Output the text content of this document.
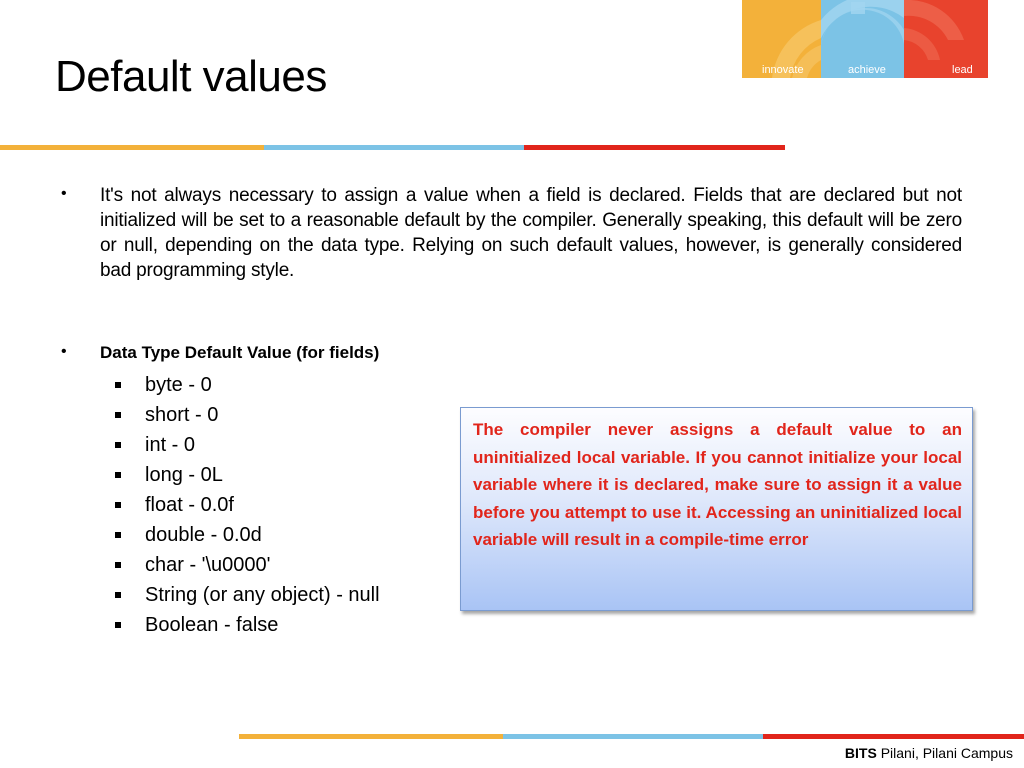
innovate	achieve	lead
Default values
• It's not always necessary to assign a value when a field is declared. Fields that are declared but not initialized will be set to a reasonable default by the compiler. Generally speaking, this default will be zero or null, depending on the data type. Relying on such default values, however, is generally considered bad programming style.

• Data Type Default Value (for fields)

byte - 0
short - 0
int - 0
long - 0L
float - 0.0f
double - 0.0d
char - '\u0000'
String (or any object) - null
Boolean - false

The compiler never assigns a default value to an uninitialized local variable. If you cannot initialize your local variable where it is declared, make sure to assign it a value before you attempt to use it. Accessing an uninitialized local variable will result in a compile-time error

BITS Pilani, Pilani Campus
